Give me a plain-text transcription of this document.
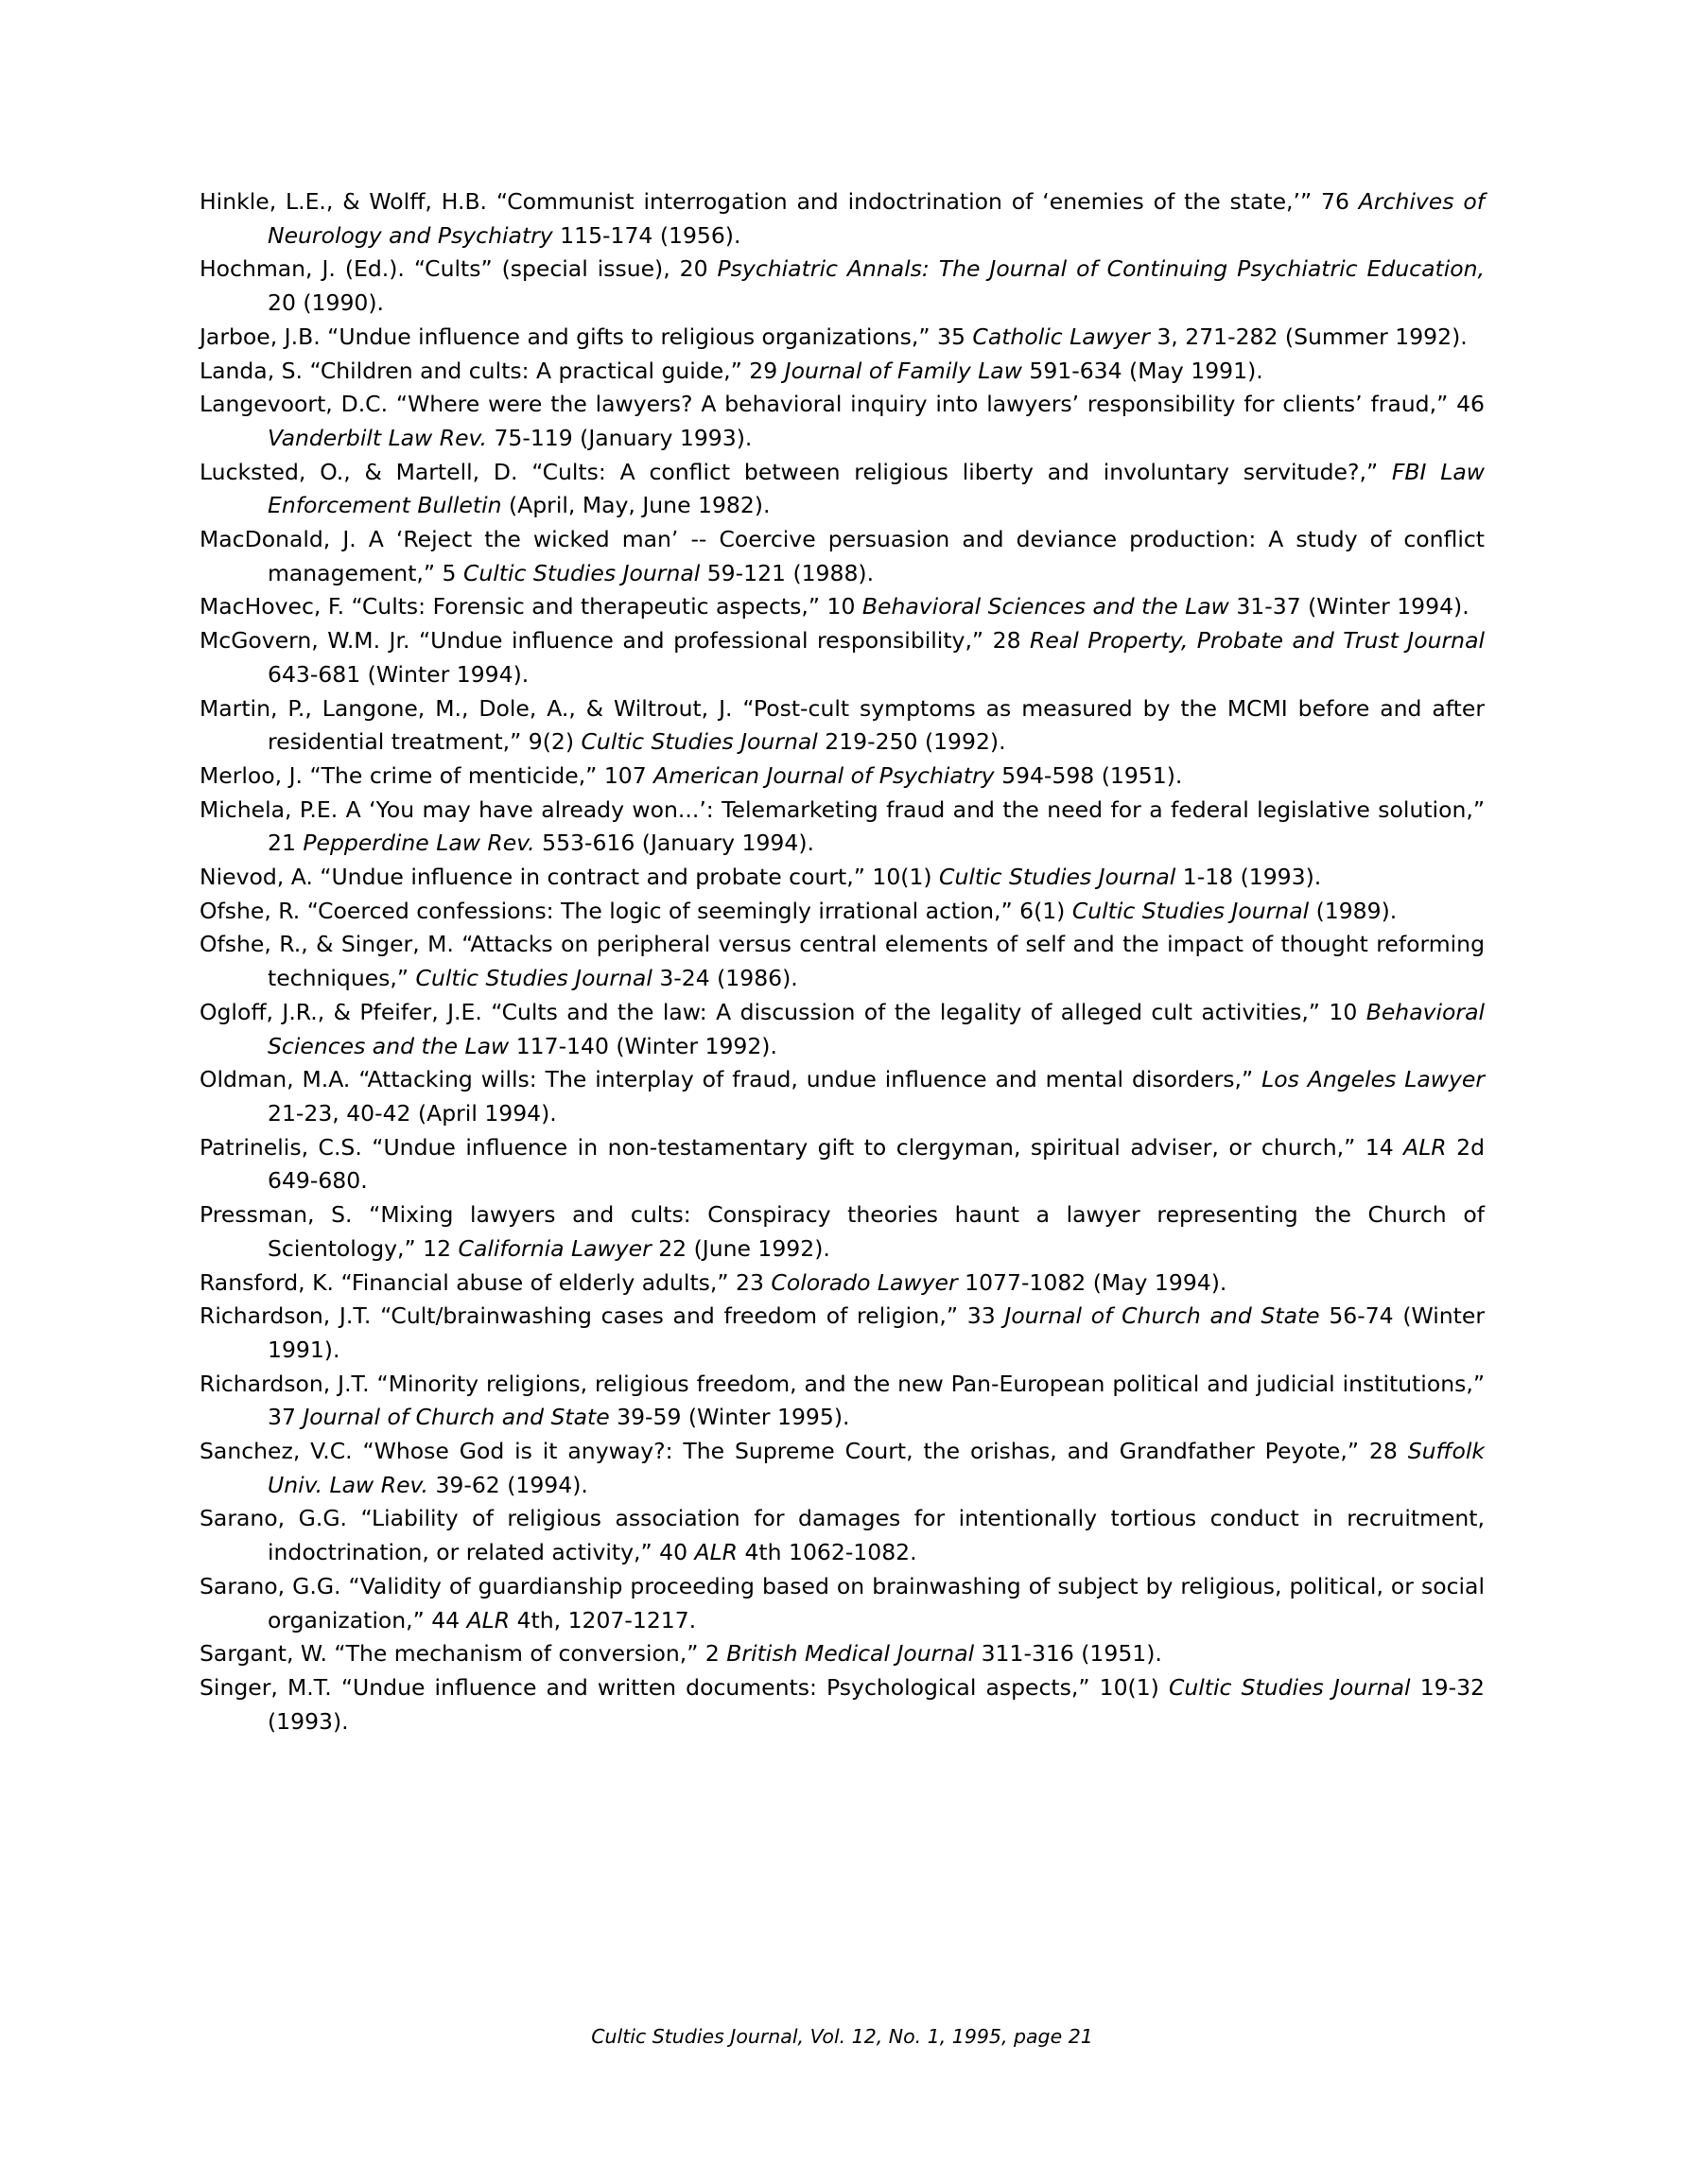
Hinkle, L.E., & Wolff, H.B. “Communist interrogation and indoctrination of ‘enemies of the state,’” 76 Archives of Neurology and Psychiatry 115-174 (1956).

Hochman, J. (Ed.). “Cults” (special issue), 20 Psychiatric Annals: The Journal of Continuing Psychiatric Education, 20 (1990).

Jarboe, J.B. “Undue influence and gifts to religious organizations,” 35 Catholic Lawyer 3, 271-282 (Summer 1992).

Landa, S. “Children and cults: A practical guide,” 29 Journal of Family Law 591-634 (May 1991).

Langevoort, D.C. “Where were the lawyers? A behavioral inquiry into lawyers’ responsibility for clients’ fraud,” 46 Vanderbilt Law Rev. 75-119 (January 1993).

Lucksted, O., & Martell, D. “Cults: A conflict between religious liberty and involuntary servitude?,” FBI Law Enforcement Bulletin (April, May, June 1982).

MacDonald, J. A ‘Reject the wicked man’ -- Coercive persuasion and deviance production: A study of conflict management,” 5 Cultic Studies Journal 59-121 (1988).

MacHovec, F. “Cults: Forensic and therapeutic aspects,” 10 Behavioral Sciences and the Law 31-37 (Winter 1994).

McGovern, W.M. Jr. “Undue influence and professional responsibility,” 28 Real Property, Probate and Trust Journal 643-681 (Winter 1994).

Martin, P., Langone, M., Dole, A., & Wiltrout, J. “Post-cult symptoms as measured by the MCMI before and after residential treatment,” 9(2) Cultic Studies Journal 219-250 (1992).

Merloo, J. “The crime of menticide,” 107 American Journal of Psychiatry 594-598 (1951).

Michela, P.E. A ‘You may have already won...’: Telemarketing fraud and the need for a federal legislative solution,” 21 Pepperdine Law Rev. 553-616 (January 1994).

Nievod, A. “Undue influence in contract and probate court,” 10(1) Cultic Studies Journal 1-18 (1993).

Ofshe, R. “Coerced confessions: The logic of seemingly irrational action,” 6(1) Cultic Studies Journal (1989).

Ofshe, R., & Singer, M. “Attacks on peripheral versus central elements of self and the impact of thought reforming techniques,” Cultic Studies Journal 3-24 (1986).

Ogloff, J.R., & Pfeifer, J.E. “Cults and the law: A discussion of the legality of alleged cult activities,” 10 Behavioral Sciences and the Law 117-140 (Winter 1992).

Oldman, M.A. “Attacking wills: The interplay of fraud, undue influence and mental disorders,” Los Angeles Lawyer 21-23, 40-42 (April 1994).

Patrinelis, C.S. “Undue influence in non-testamentary gift to clergyman, spiritual adviser, or church,” 14 ALR 2d 649-680.

Pressman, S. “Mixing lawyers and cults: Conspiracy theories haunt a lawyer representing the Church of Scientology,” 12 California Lawyer 22 (June 1992).

Ransford, K. “Financial abuse of elderly adults,” 23 Colorado Lawyer 1077-1082 (May 1994).

Richardson, J.T. “Cult/brainwashing cases and freedom of religion,” 33 Journal of Church and State 56-74 (Winter 1991).

Richardson, J.T. “Minority religions, religious freedom, and the new Pan-European political and judicial institutions,” 37 Journal of Church and State 39-59 (Winter 1995).

Sanchez, V.C. “Whose God is it anyway?: The Supreme Court, the orishas, and Grandfather Peyote,” 28 Suffolk Univ. Law Rev. 39-62 (1994).

Sarano, G.G. “Liability of religious association for damages for intentionally tortious conduct in recruitment, indoctrination, or related activity,” 40 ALR 4th 1062-1082.

Sarano, G.G. “Validity of guardianship proceeding based on brainwashing of subject by religious, political, or social organization,” 44 ALR 4th, 1207-1217.

Sargant, W. “The mechanism of conversion,” 2 British Medical Journal 311-316 (1951).

Singer, M.T. “Undue influence and written documents: Psychological aspects,” 10(1) Cultic Studies Journal 19-32 (1993).

Cultic Studies Journal, Vol. 12, No. 1, 1995, page 21
